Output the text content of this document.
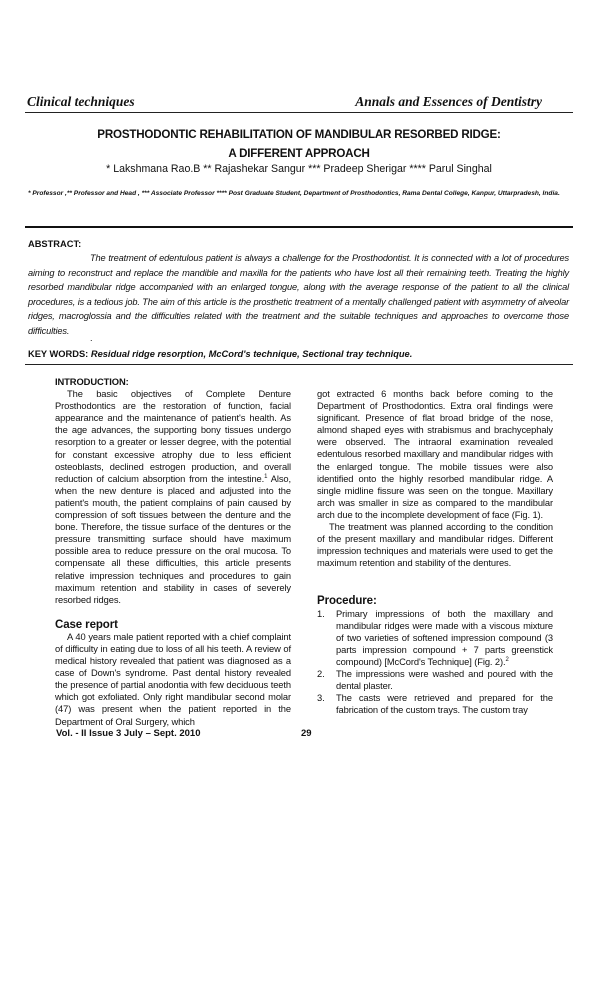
Clinical techniques	Annals and Essences of Dentistry
PROSTHODONTIC REHABILITATION OF MANDIBULAR RESORBED RIDGE:
A DIFFERENT APPROACH
* Lakshmana Rao.B ** Rajashekar Sangur *** Pradeep Sherigar **** Parul Singhal
* Professor ,** Professor and Head , *** Associate Professor **** Post Graduate Student, Department of Prosthodontics, Rama Dental College, Kanpur, Uttarpradesh, India.
ABSTRACT:
The treatment of edentulous patient is always a challenge for the Prosthodontist. It is connected with a lot of procedures aiming to reconstruct and replace the mandible and maxilla for the patients who have lost all their remaining teeth. Treating the highly resorbed mandibular ridge accompanied with an enlarged tongue, along with the average response of the patient to all the clinical procedures, is a tedious job. The aim of this article is the prosthetic treatment of a mentally challenged patient with asymmetry of alveolar ridges, macroglossia and the difficulties related with the treatment and the suitable techniques and approaches to overcome those difficulties.
.
KEY WORDS: Residual ridge resorption, McCord's technique, Sectional tray technique.
INTRODUCTION:

The basic objectives of Complete Denture Prosthodontics are the restoration of function, facial appearance and the maintenance of patient's health. As the age advances, the supporting bony tissues undergo resorption to a greater or lesser degree, with the potential for constant excessive atrophy due to less efficient osteoblasts, declined estrogen production, and overall reduction of calcium absorption from the intestine.$^1$ Also, when the new denture is placed and adjusted into the patient's mouth, the patient complains of pain caused by compression of soft tissues between the denture and the bone. Therefore, the tissue surface of the dentures or the pressure transmitting surface should have maximum possible area to reduce pressure on the oral mucosa. To compensate all these difficulties, this article presents relative impression techniques and procedures to gain maximum retention and stability in cases of severely resorbed ridges.

Case report

A 40 years male patient reported with a chief complaint of difficulty in eating due to loss of all his teeth. A review of medical history revealed that patient was diagnosed as a case of Down's syndrome. Past dental history revealed the presence of partial anodontia with few deciduous teeth which got exfoliated. Only right mandibular second molar (47) was present when the patient reported in the Department of Oral Surgery, which

got extracted 6 months back before coming to the Department of Prosthodontics. Extra oral findings were significant. Presence of flat broad bridge of the nose, almond shaped eyes with strabismus and brachycephaly were observed. The intraoral examination revealed edentulous resorbed maxillary and mandibular ridges with the enlarged tongue. The mobile tissues were also identified onto the highly resorbed mandibular ridge. A single midline fissure was seen on the tongue. Maxillary arch was smaller in size as compared to the mandibular arch due to the incomplete development of face (Fig. 1).

The treatment was planned according to the condition of the present maxillary and mandibular ridges. Different impression techniques and materials were used to get the maximum retention and stability of the dentures.

Procedure:
1. Primary impressions of both the maxillary and mandibular ridges were made with a viscous mixture of two varieties of softened impression compound (3 parts impression compound + 7 parts greenstick compound) [McCord's Technique] (Fig. 2).$^2$
2. The impressions were washed and poured with the dental plaster.
3. The casts were retrieved and prepared for the fabrication of the custom trays. The custom tray
Vol. - II Issue 3 July – Sept. 2010	29
